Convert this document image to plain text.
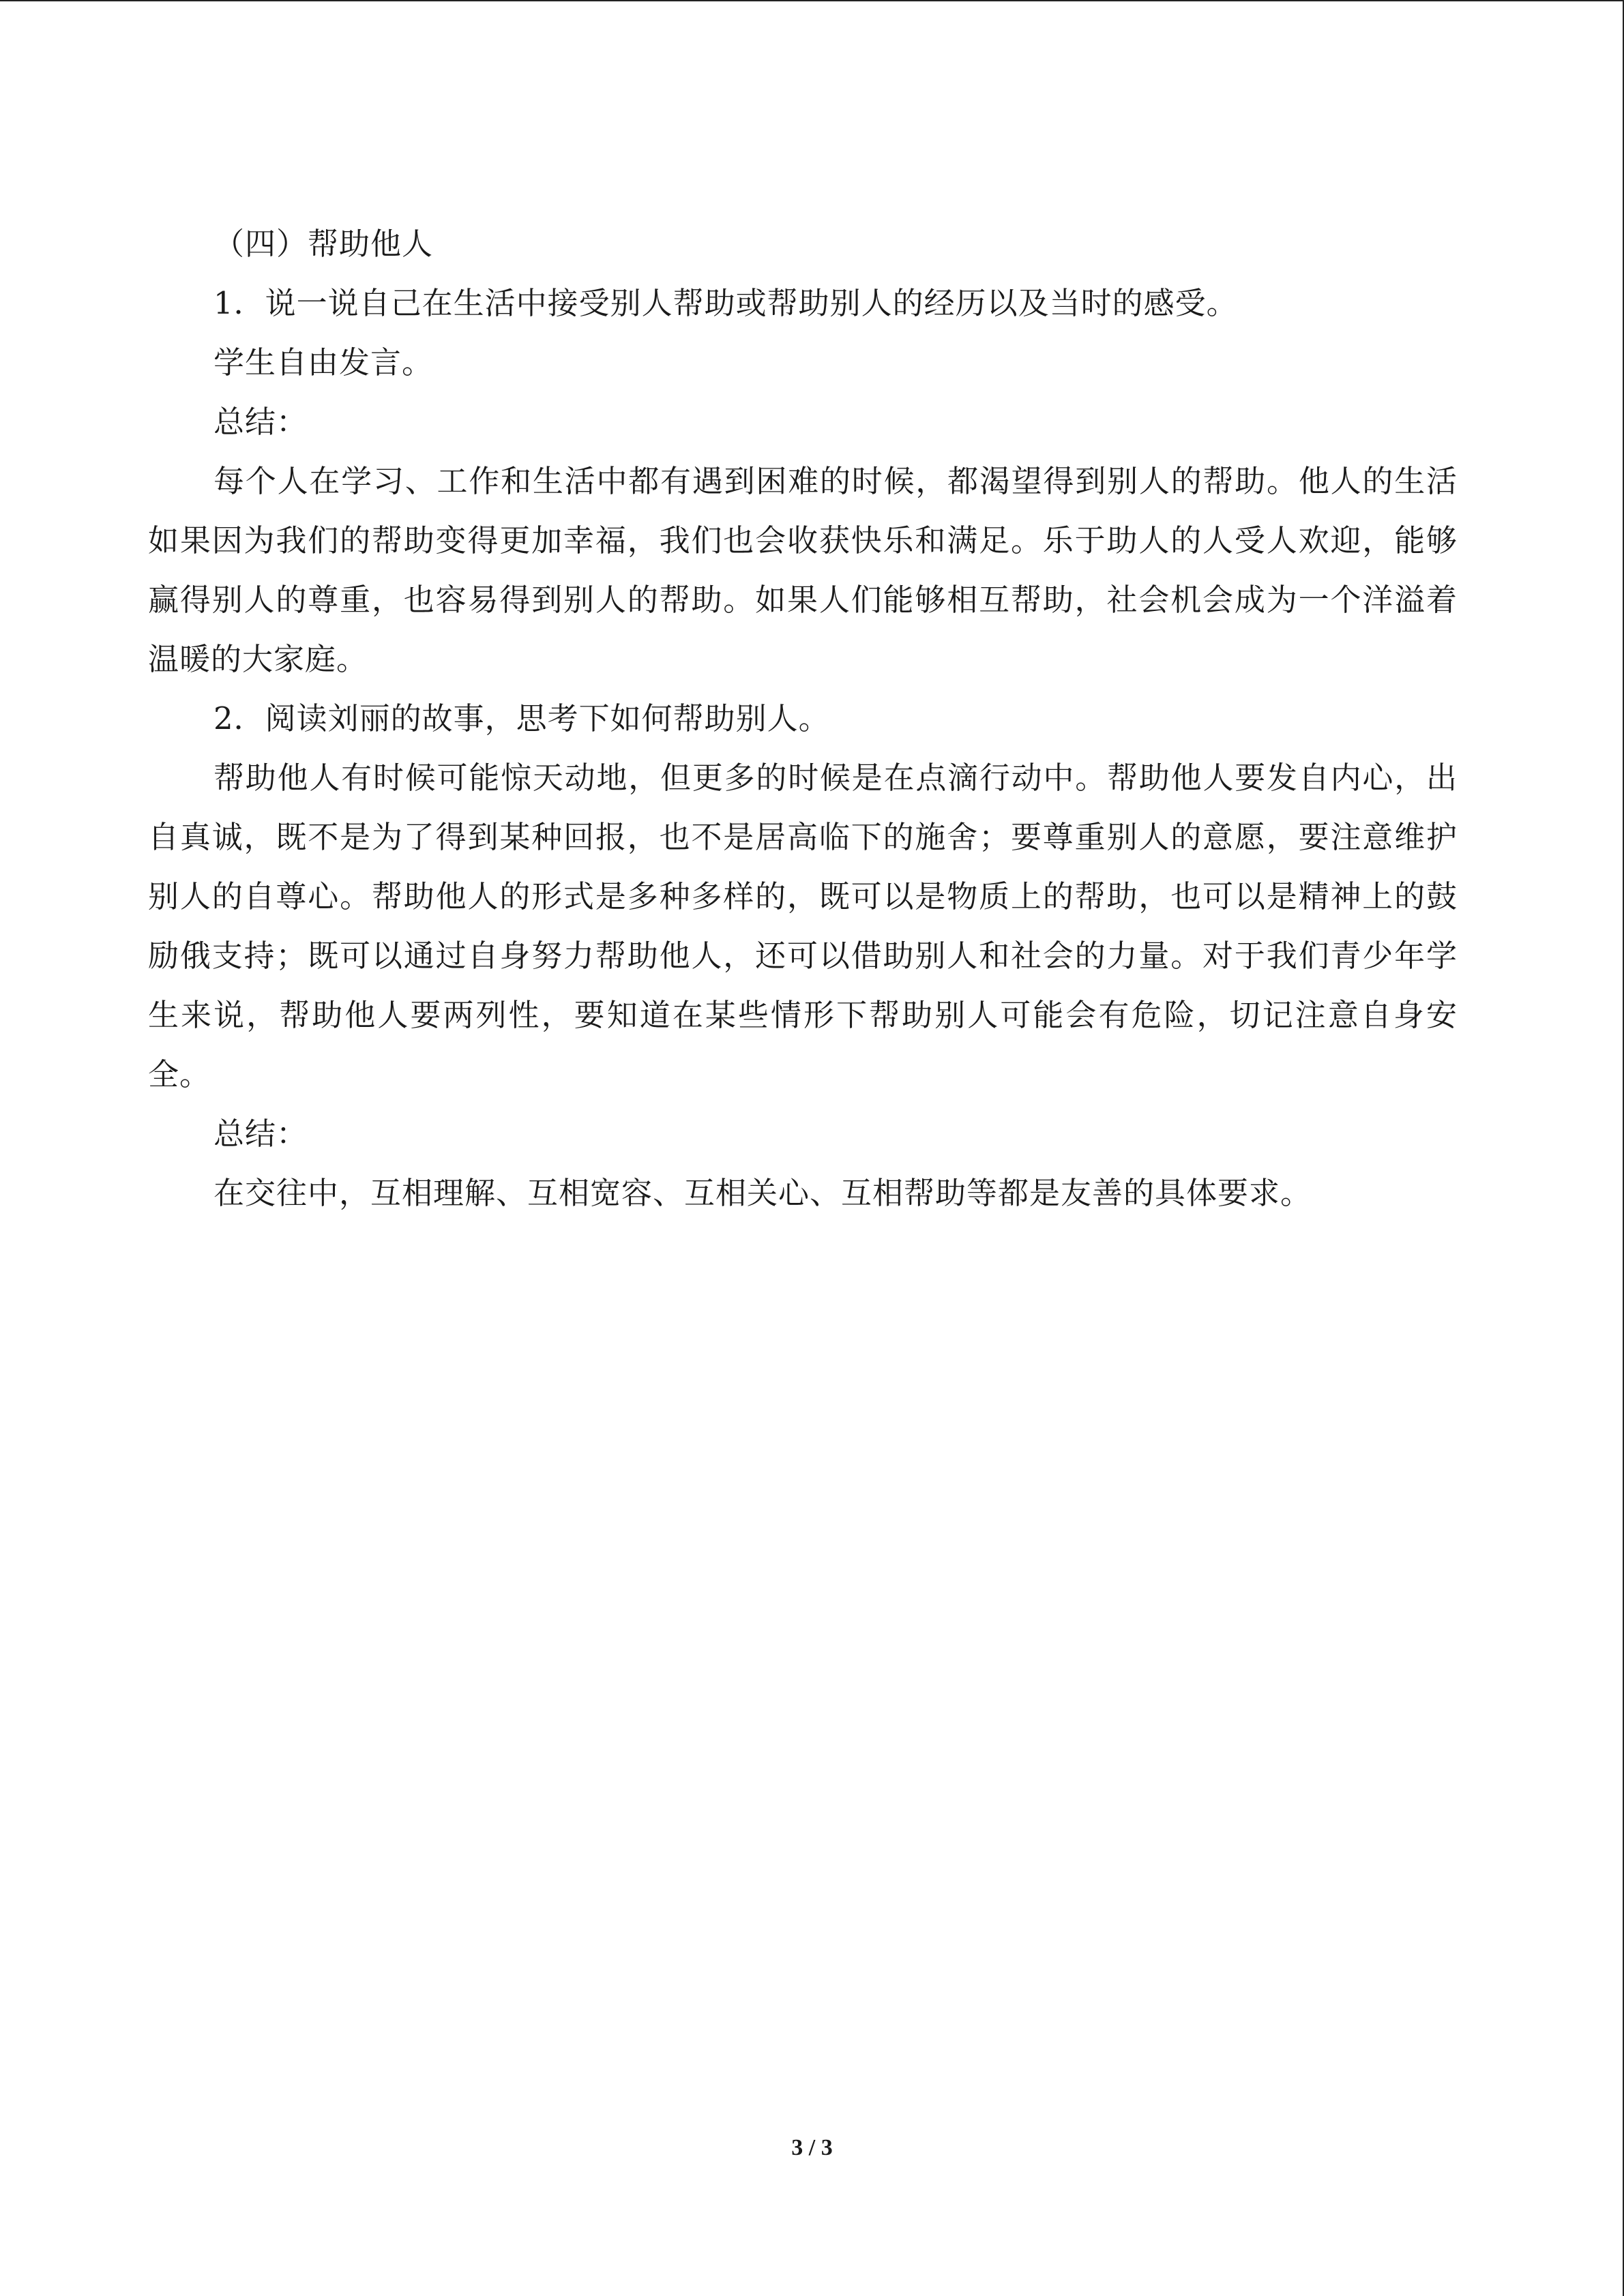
（四）帮助他人

1．说一说自己在生活中接受别人帮助或帮助别人的经历以及当时的感受。

学生自由发言。

总结：

每个人在学习、工作和生活中都有遇到困难的时候，都渴望得到别人的帮助。他人的生活如果因为我们的帮助变得更加幸福，我们也会收获快乐和满足。乐于助人的人受人欢迎，能够赢得别人的尊重，也容易得到别人的帮助。如果人们能够相互帮助，社会机会成为一个洋溢着温暖的大家庭。

2．阅读刘丽的故事，思考下如何帮助别人。

帮助他人有时候可能惊天动地，但更多的时候是在点滴行动中。帮助他人要发自内心，出自真诚，既不是为了得到某种回报，也不是居高临下的施舍；要尊重别人的意愿，要注意维护别人的自尊心。帮助他人的形式是多种多样的，既可以是物质上的帮助，也可以是精神上的鼓励俄支持；既可以通过自身努力帮助他人，还可以借助别人和社会的力量。对于我们青少年学生来说，帮助他人要两列性，要知道在某些情形下帮助别人可能会有危险，切记注意自身安全。

总结：

在交往中，互相理解、互相宽容、互相关心、互相帮助等都是友善的具体要求。

3 / 3
